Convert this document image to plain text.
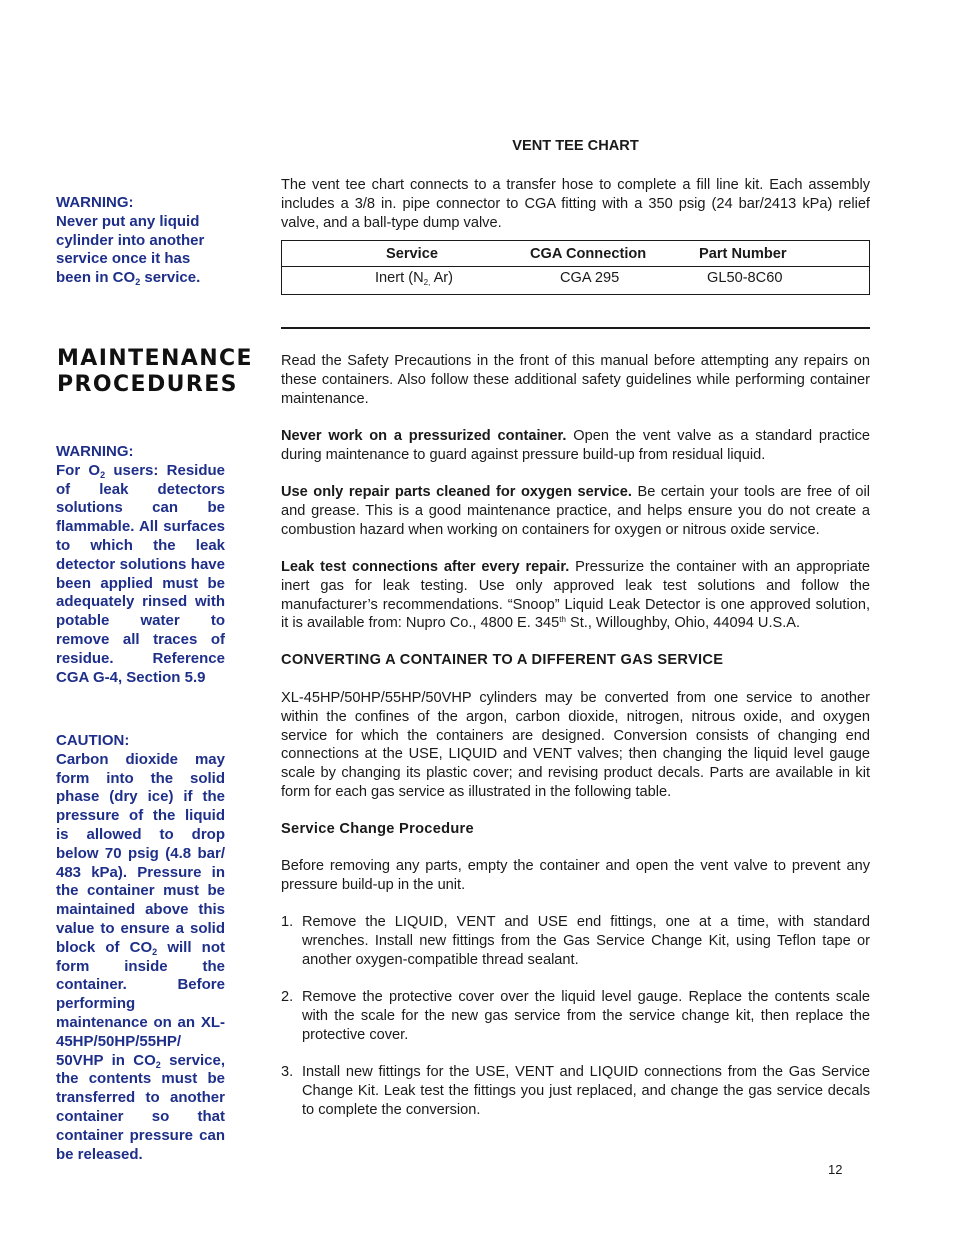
VENT TEE CHART

The vent tee chart connects to a transfer hose to complete a fill line kit. Each assembly includes a 3/8 in. pipe connector to CGA fitting with a 350 psig (24 bar/2413 kPa) relief valve, and a ball-type dump valve.

Service	CGA Connection	Part Number
Inert ($N_{2,}$ Ar)	CGA 295	GL50-8C60

WARNING:

Never put any liquid cylinder into another service once it has been in $CO_2$ service.

MAINTENANCE
PROCEDURES

WARNING:

For $O_2$ users: Residue of leak detectors solutions can be flammable. All surfaces to which the leak detector solutions have been applied must be adequately rinsed with potable water to remove all traces of residue. Reference CGA G-4, Section 5.9

CAUTION:

Carbon dioxide may form into the solid phase (dry ice) if the pressure of the liquid is allowed to drop below 70 psig (4.8 bar/ 483 kPa). Pressure in the container must be maintained above this value to ensure a solid block of $CO_2$ will not form inside the container. Before performing maintenance on an XL-45HP/50HP/55HP/ 50VHP in $CO_2$ service, the contents must be transferred to another container so that container pressure can be released.

Read the Safety Precautions in the front of this manual before attempting any repairs on these containers. Also follow these additional safety guidelines while performing container maintenance.

Never work on a pressurized container. Open the vent valve as a standard practice during maintenance to guard against pressure build-up from residual liquid.

Use only repair parts cleaned for oxygen service. Be certain your tools are free of oil and grease. This is a good maintenance practice, and helps ensure you do not create a combustion hazard when working on containers for oxygen or nitrous oxide service.

Leak test connections after every repair. Pressurize the container with an appropriate inert gas for leak testing. Use only approved leak test solutions and follow the manufacturer’s recommendations. “Snoop” Liquid Leak Detector is one approved solution, it is available from: Nupro Co., 4800 E. 345th St., Willoughby, Ohio, 44094 U.S.A.

CONVERTING A CONTAINER TO A DIFFERENT GAS SERVICE

XL-45HP/50HP/55HP/50VHP cylinders may be converted from one service to another within the confines of the argon, carbon dioxide, nitrogen, nitrous oxide, and oxygen service for which the containers are designed. Conversion consists of changing end connections at the USE, LIQUID and VENT valves; then changing the liquid level gauge scale by changing its plastic cover; and revising product decals. Parts are available in kit form for each gas service as illustrated in the following table.

Service Change Procedure

Before removing any parts, empty the container and open the vent valve to prevent any pressure build-up in the unit.

1. Remove the LIQUID, VENT and USE end fittings, one at a time, with standard wrenches. Install new fittings from the Gas Service Change Kit, using Teflon tape or another oxygen-compatible thread sealant.
2. Remove the protective cover over the liquid level gauge. Replace the contents scale with the scale for the new gas service from the service change kit, then replace the protective cover.
3. Install new fittings for the USE, VENT and LIQUID connections from the Gas Service Change Kit. Leak test the fittings you just replaced, and change the gas service decals to complete the conversion.
12
